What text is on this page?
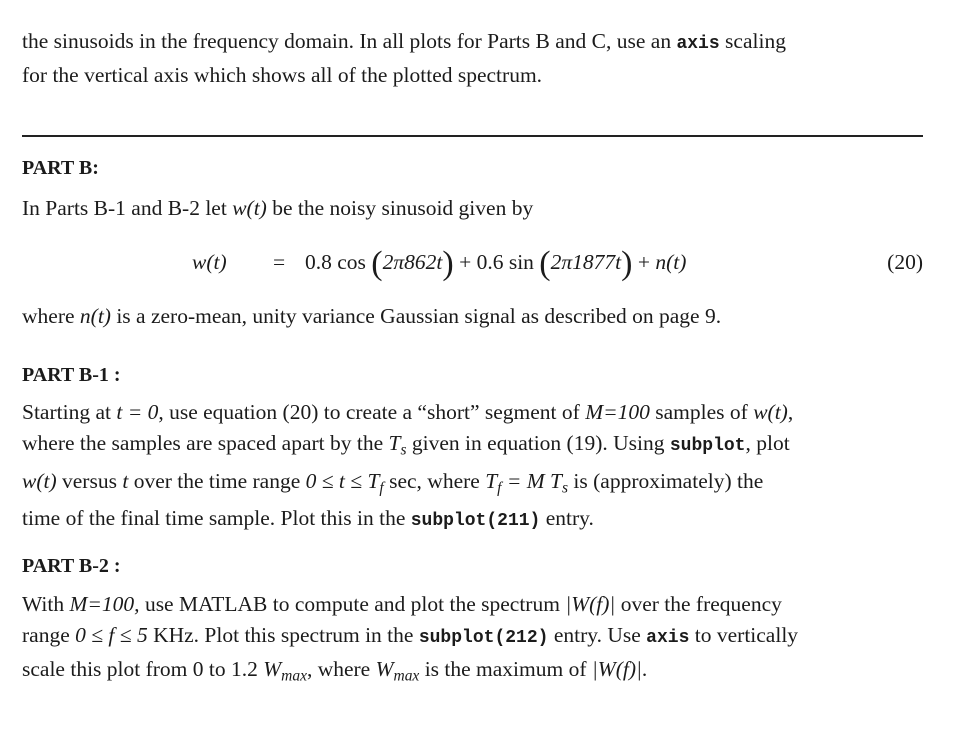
the sinusoids in the frequency domain. In all plots for Parts B and C, use an axis scaling

for the vertical axis which shows all of the plotted spectrum.

PART B:

In Parts B-1 and B-2 let w(t) be the noisy sinusoid given by

w(t) = 0.8 cos (2π862t) + 0.6 sin (2π1877t) + n(t)	(20)

where n(t) is a zero-mean, unity variance Gaussian signal as described on page 9.

PART B-1 :

Starting at t = 0, use equation (20) to create a “short” segment of M=100 samples of w(t),

where the samples are spaced apart by the $T_s$ given in equation (19). Using subplot, plot

w(t) versus t over the time range $0 \le t \le T_f$ sec, where $T_f = M$ $T_s$ is (approximately) the

time of the final time sample. Plot this in the subplot(211) entry.

PART B-2 :

With M=100, use MATLAB to compute and plot the spectrum |W(f)| over the frequency

range 0 ≤ f ≤ 5 KHz. Plot this spectrum in the subplot(212) entry. Use axis to vertically

scale this plot from 0 to 1.2 $W_{max}$, where $W_{max}$ is the maximum of |W(f)|.
